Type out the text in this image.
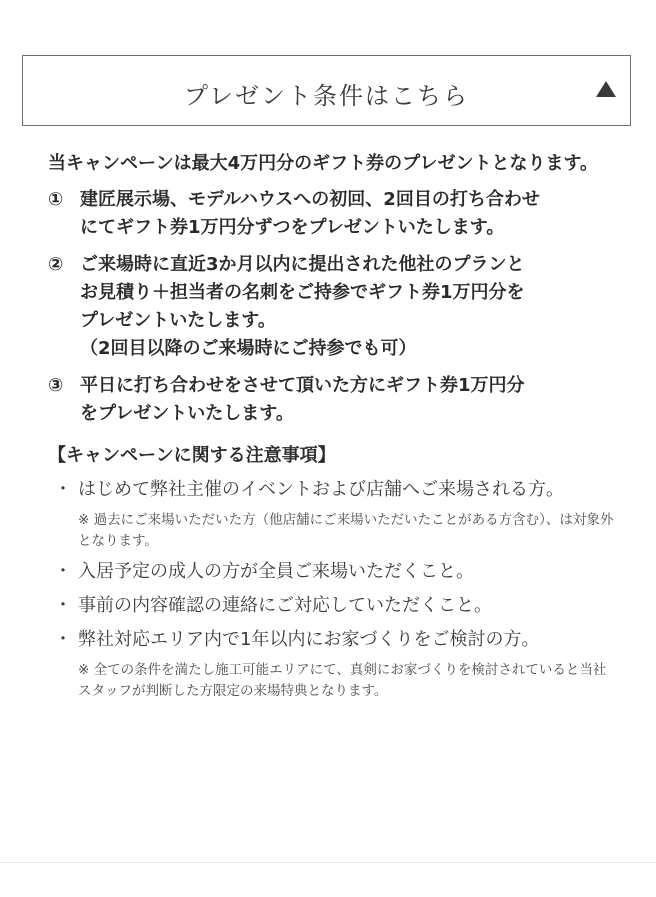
プレゼント条件はこちら

当キャンペーンは最大4万円分のギフト券のプレゼントとなります。

① 建匠展示場、モデルハウスへの初回、2回目の打ち合わせ
にてギフト券1万円分ずつをプレゼントいたします。
② ご来場時に直近3か月以内に提出された他社のプランと
お見積り＋担当者の名刺をご持参でギフト券1万円分を
プレゼントいたします。
（2回目以降のご来場時にご持参でも可）
③ 平日に打ち合わせをさせて頂いた方にギフト券1万円分
をプレゼントいたします。
【キャンペーンに関する注意事項】
・ はじめて弊社主催のイベントおよび店舗へご来場される方。
※ 過去にご来場いただいた方（他店舗にご来場いただいたことがある方含む）、は対象外となります。
・ 入居予定の成人の方が全員ご来場いただくこと。
・ 事前の内容確認の連絡にご対応していただくこと。
・ 弊社対応エリア内で1年以内にお家づくりをご検討の方。
※ 全ての条件を満たし施工可能エリアにて、真剣にお家づくりを検討されていると当社スタッフが判断した方限定の来場特典となります。
